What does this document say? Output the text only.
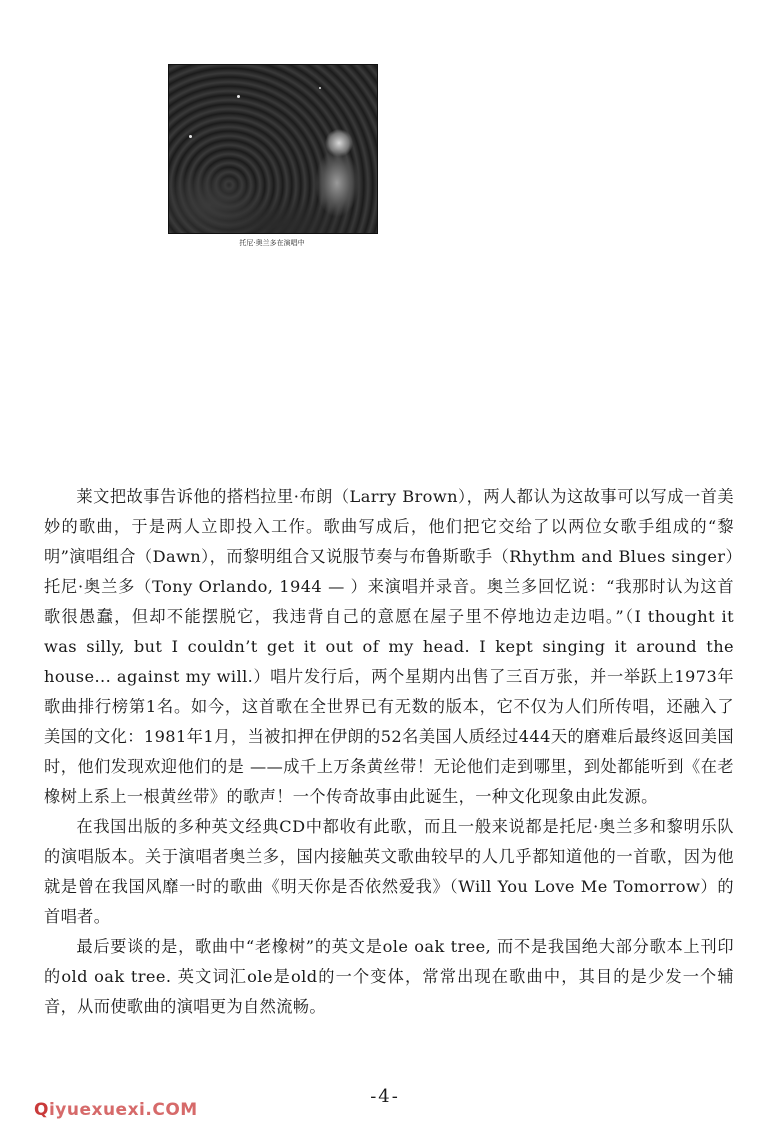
托尼·奥兰多在演唱中

莱文把故事告诉他的搭档拉里·布朗（Larry Brown），两人都认为这故事可以写成一首美妙的歌曲，于是两人立即投入工作。歌曲写成后，他们把它交给了以两位女歌手组成的“黎明”演唱组合（Dawn），而黎明组合又说服节奏与布鲁斯歌手（Rhythm and Blues singer）托尼·奥兰多（Tony Orlando, 1944 — ）来演唱并录音。奥兰多回忆说：“我那时认为这首歌很愚蠢，但却不能摆脱它，我违背自己的意愿在屋子里不停地边走边唱。”（I thought it was silly, but I couldn’t get it out of my head. I kept singing it around the house... against my will.）唱片发行后，两个星期内出售了三百万张，并一举跃上1973年歌曲排行榜第1名。如今，这首歌在全世界已有无数的版本，它不仅为人们所传唱，还融入了美国的文化：1981年1月，当被扣押在伊朗的52名美国人质经过444天的磨难后最终返回美国时，他们发现欢迎他们的是 ——成千上万条黄丝带！无论他们走到哪里，到处都能听到《在老橡树上系上一根黄丝带》的歌声！一个传奇故事由此诞生，一种文化现象由此发源。

在我国出版的多种英文经典CD中都收有此歌，而且一般来说都是托尼·奥兰多和黎明乐队的演唱版本。关于演唱者奥兰多，国内接触英文歌曲较早的人几乎都知道他的一首歌，因为他就是曾在我国风靡一时的歌曲《明天你是否依然爱我》（Will You Love Me Tomorrow）的首唱者。

最后要谈的是，歌曲中“老橡树”的英文是ole oak tree, 而不是我国绝大部分歌本上刊印的old oak tree. 英文词汇ole是old的一个变体，常常出现在歌曲中，其目的是少发一个辅音，从而使歌曲的演唱更为自然流畅。

-4-
Qiyuexuexi.COM
